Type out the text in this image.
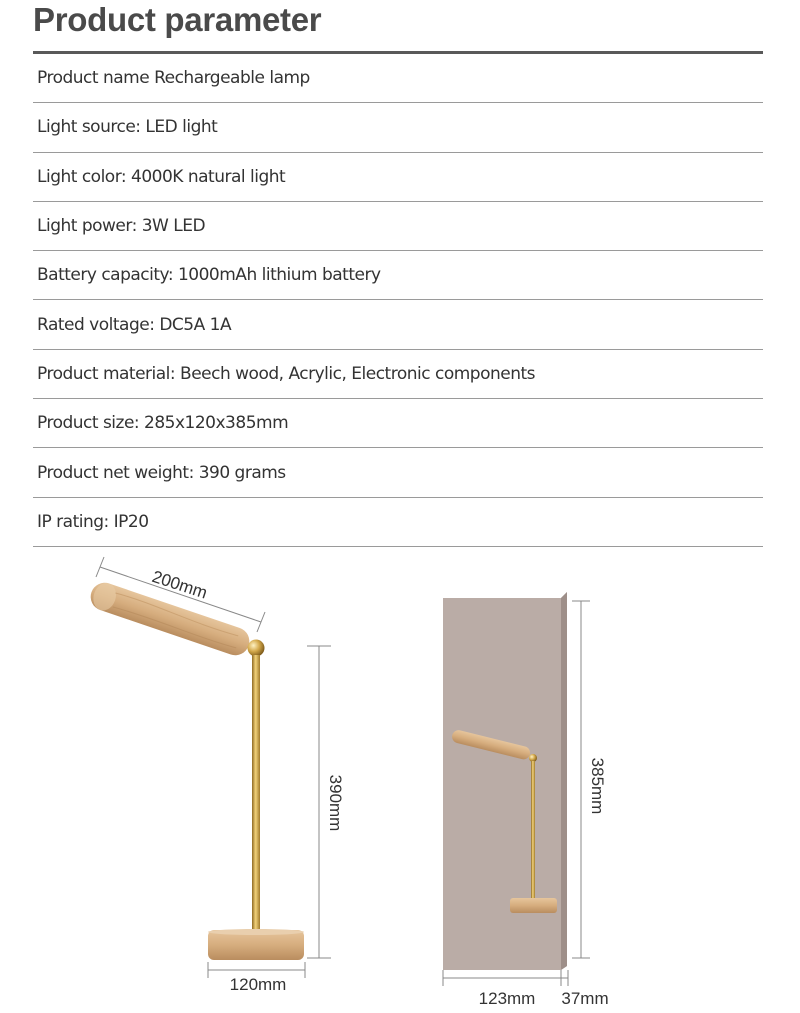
Product parameter
Product name Rechargeable lamp
Light source: LED light
Light color: 4000K natural light
Light power: 3W LED
Battery capacity: 1000mAh lithium battery
Rated voltage: DC5A 1A
Product material: Beech wood, Acrylic, Electronic components
Product size: 285x120x385mm
Product net weight: 390 grams
IP rating: IP20
200mm
390mm
120mm
385mm
123mm 37mm
